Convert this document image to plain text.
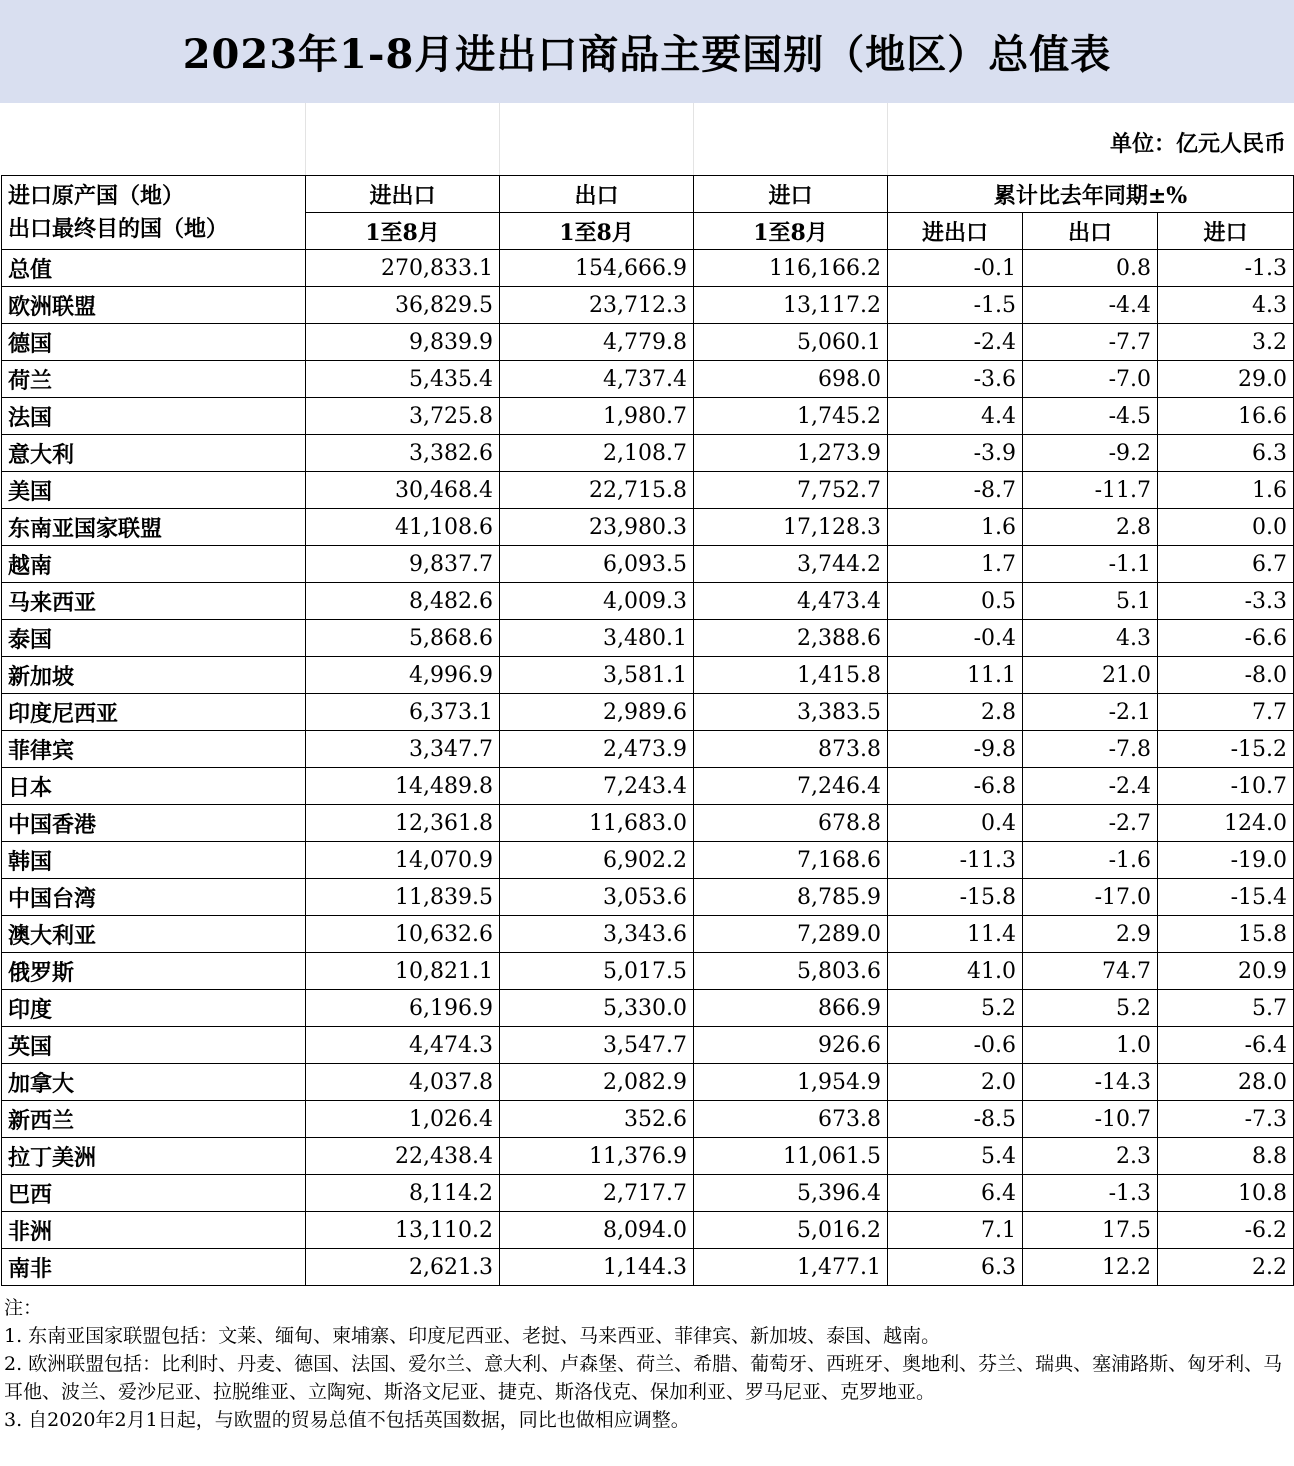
2023年1-8月进出口商品主要国别（地区）总值表
单位：亿元人民币
进口原产国（地）
出口最终目的国（地）	进出口	出口	进口	累计比去年同期±%		
	1至8月	1至8月	1至8月	进出口	出口	进口
总值	270,833.1	154,666.9	116,166.2	-0.1	0.8	-1.3
欧洲联盟	36,829.5	23,712.3	13,117.2	-1.5	-4.4	4.3
德国	9,839.9	4,779.8	5,060.1	-2.4	-7.7	3.2
荷兰	5,435.4	4,737.4	698.0	-3.6	-7.0	29.0
法国	3,725.8	1,980.7	1,745.2	4.4	-4.5	16.6
意大利	3,382.6	2,108.7	1,273.9	-3.9	-9.2	6.3
美国	30,468.4	22,715.8	7,752.7	-8.7	-11.7	1.6
东南亚国家联盟	41,108.6	23,980.3	17,128.3	1.6	2.8	0.0
越南	9,837.7	6,093.5	3,744.2	1.7	-1.1	6.7
马来西亚	8,482.6	4,009.3	4,473.4	0.5	5.1	-3.3
泰国	5,868.6	3,480.1	2,388.6	-0.4	4.3	-6.6
新加坡	4,996.9	3,581.1	1,415.8	11.1	21.0	-8.0
印度尼西亚	6,373.1	2,989.6	3,383.5	2.8	-2.1	7.7
菲律宾	3,347.7	2,473.9	873.8	-9.8	-7.8	-15.2
日本	14,489.8	7,243.4	7,246.4	-6.8	-2.4	-10.7
中国香港	12,361.8	11,683.0	678.8	0.4	-2.7	124.0
韩国	14,070.9	6,902.2	7,168.6	-11.3	-1.6	-19.0
中国台湾	11,839.5	3,053.6	8,785.9	-15.8	-17.0	-15.4
澳大利亚	10,632.6	3,343.6	7,289.0	11.4	2.9	15.8
俄罗斯	10,821.1	5,017.5	5,803.6	41.0	74.7	20.9
印度	6,196.9	5,330.0	866.9	5.2	5.2	5.7
英国	4,474.3	3,547.7	926.6	-0.6	1.0	-6.4
加拿大	4,037.8	2,082.9	1,954.9	2.0	-14.3	28.0
新西兰	1,026.4	352.6	673.8	-8.5	-10.7	-7.3
拉丁美洲	22,438.4	11,376.9	11,061.5	5.4	2.3	8.8
巴西	8,114.2	2,717.7	5,396.4	6.4	-1.3	10.8
非洲	13,110.2	8,094.0	5,016.2	7.1	17.5	-6.2
南非	2,621.3	1,144.3	1,477.1	6.3	12.2	2.2
注：
1. 东南亚国家联盟包括：文莱、缅甸、柬埔寨、印度尼西亚、老挝、马来西亚、菲律宾、新加坡、泰国、越南。
2. 欧洲联盟包括：比利时、丹麦、德国、法国、爱尔兰、意大利、卢森堡、荷兰、希腊、葡萄牙、西班牙、奥地利、芬兰、瑞典、塞浦路斯、匈牙利、马耳他、波兰、爱沙尼亚、拉脱维亚、立陶宛、斯洛文尼亚、捷克、斯洛伐克、保加利亚、罗马尼亚、克罗地亚。
3. 自2020年2月1日起，与欧盟的贸易总值不包括英国数据，同比也做相应调整。
